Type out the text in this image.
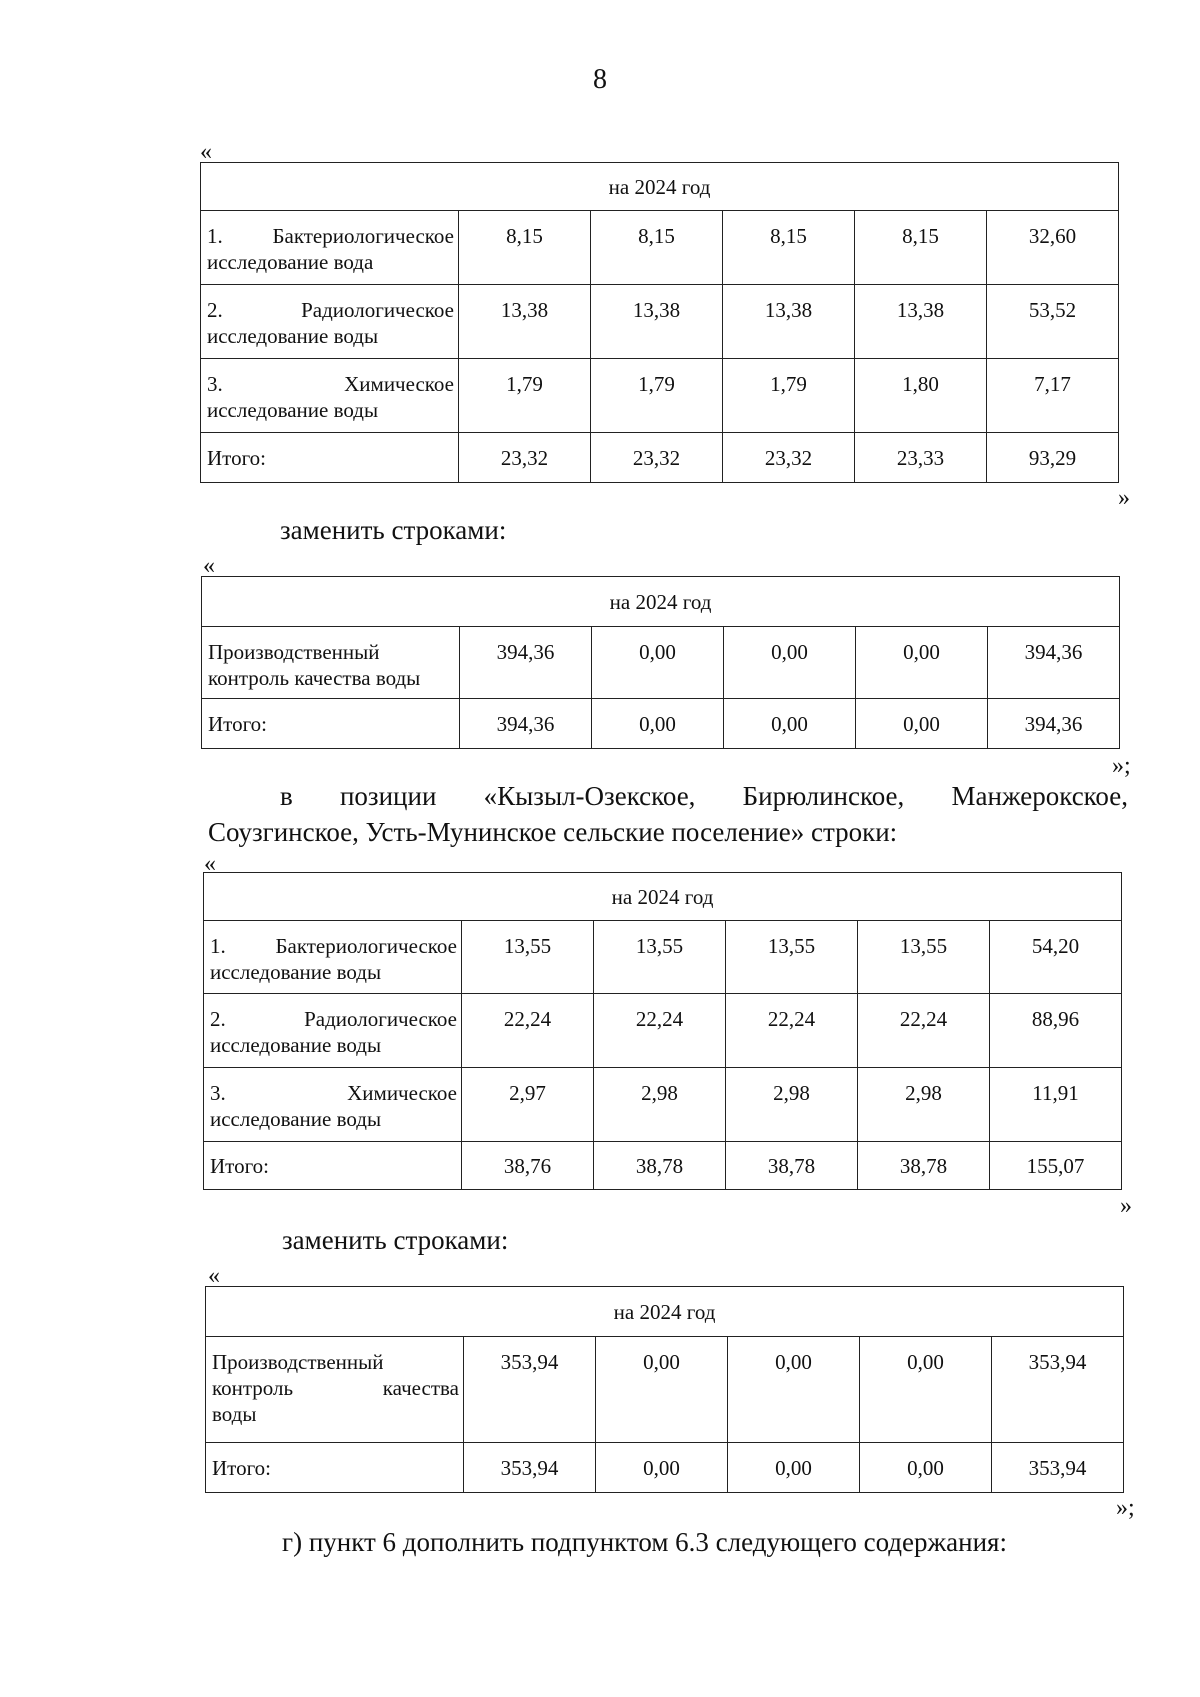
8
«
на 2024 год					

1. Бактериологическое
исследование вода	8,15	8,15	8,15	8,15	32,60

2. Радиологическое
исследование воды	13,38	13,38	13,38	13,38	53,52

3. Химическое
исследование воды	1,79	1,79	1,79	1,80	7,17
Итого:	23,32	23,32	23,32	23,33	93,29
»
заменить строками:
«
на 2024 год					

Производственный
контроль качества воды	394,36	0,00	0,00	0,00	394,36
Итого:	394,36	0,00	0,00	0,00	394,36
»;
в позиции «Кызыл-Озекское, Бирюлинское, Манжерокское,
Соузгинское, Усть-Мунинское сельские поселение» строки:
«
на 2024 год					

1. Бактериологическое
исследование воды	13,55	13,55	13,55	13,55	54,20

2. Радиологическое
исследование воды	22,24	22,24	22,24	22,24	88,96

3. Химическое
исследование воды	2,97	2,98	2,98	2,98	11,91
Итого:	38,76	38,78	38,78	38,78	155,07
»
заменить строками:
«
на 2024 год					

Производственный
контроль качества
воды	353,94	0,00	0,00	0,00	353,94
Итого:	353,94	0,00	0,00	0,00	353,94
»;
г) пункт 6 дополнить подпунктом 6.3 следующего содержания:
